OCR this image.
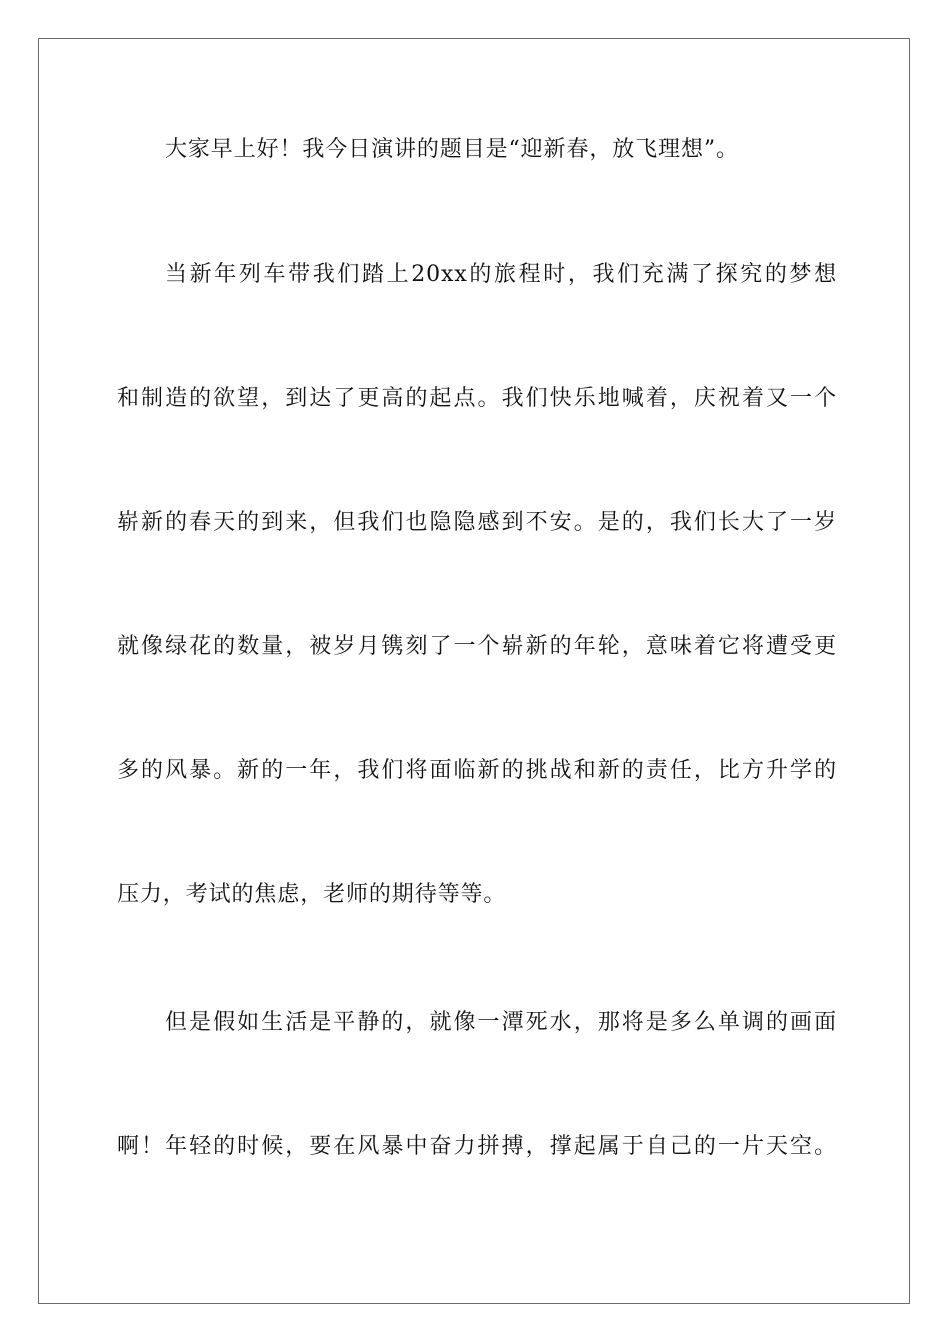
大家早上好！我今日演讲的题目是“迎新春，放飞理想”。
当新年列车带我们踏上20xx的旅程时，我们充满了探究的梦想
和制造的欲望，到达了更高的起点。我们快乐地喊着，庆祝着又一个
崭新的春天的到来，但我们也隐隐感到不安。是的，我们长大了一岁
就像绿花的数量，被岁月镌刻了一个崭新的年轮，意味着它将遭受更
多的风暴。新的一年，我们将面临新的挑战和新的责任，比方升学的
压力，考试的焦虑，老师的期待等等。
但是假如生活是平静的，就像一潭死水，那将是多么单调的画面
啊！年轻的时候，要在风暴中奋力拼搏，撑起属于自己的一片天空。
